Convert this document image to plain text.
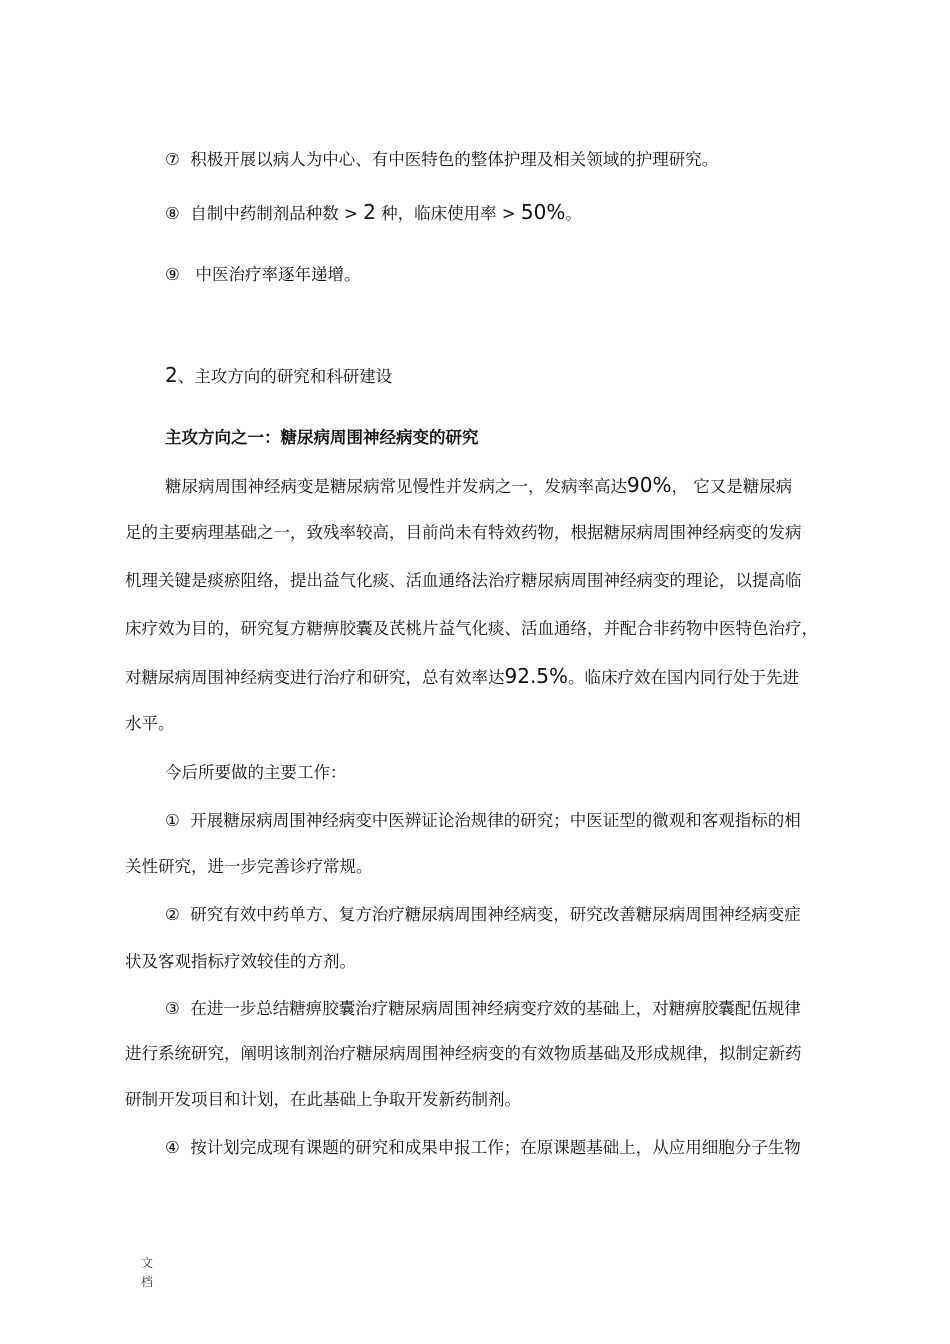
⑦ 积极开展以病人为中心、有中医特色的整体护理及相关领域的护理研究。

⑧ 自制中药制剂品种数 > 2 种，临床使用率 > 50%。

⑨ 中医治疗率逐年递增。

2、主攻方向的研究和科研建设

主攻方向之一：糖尿病周围神经病变的研究

糖尿病周围神经病变是糖尿病常见慢性并发病之一，发病率高达90%， 它又是糖尿病

足的主要病理基础之一，致残率较高，目前尚未有特效药物，根据糖尿病周围神经病变的发病

机理关键是痰瘀阻络，提出益气化痰、活血通络法治疗糖尿病周围神经病变的理论，以提高临

床疗效为目的，研究复方糖痹胶囊及芪桃片益气化痰、活血通络，并配合非药物中医特色治疗，

对糖尿病周围神经病变进行治疗和研究，总有效率达92.5%。临床疗效在国内同行处于先进

水平。

今后所要做的主要工作：

① 开展糖尿病周围神经病变中医辨证论治规律的研究；中医证型的微观和客观指标的相

关性研究，进一步完善诊疗常规。

② 研究有效中药单方、复方治疗糖尿病周围神经病变，研究改善糖尿病周围神经病变症

状及客观指标疗效较佳的方剂。

③ 在进一步总结糖痹胶囊治疗糖尿病周围神经病变疗效的基础上，对糖痹胶囊配伍规律

进行系统研究，阐明该制剂治疗糖尿病周围神经病变的有效物质基础及形成规律，拟制定新药

研制开发项目和计划，在此基础上争取开发新药制剂。

④ 按计划完成现有课题的研究和成果申报工作；在原课题基础上，从应用细胞分子生物

文
档
